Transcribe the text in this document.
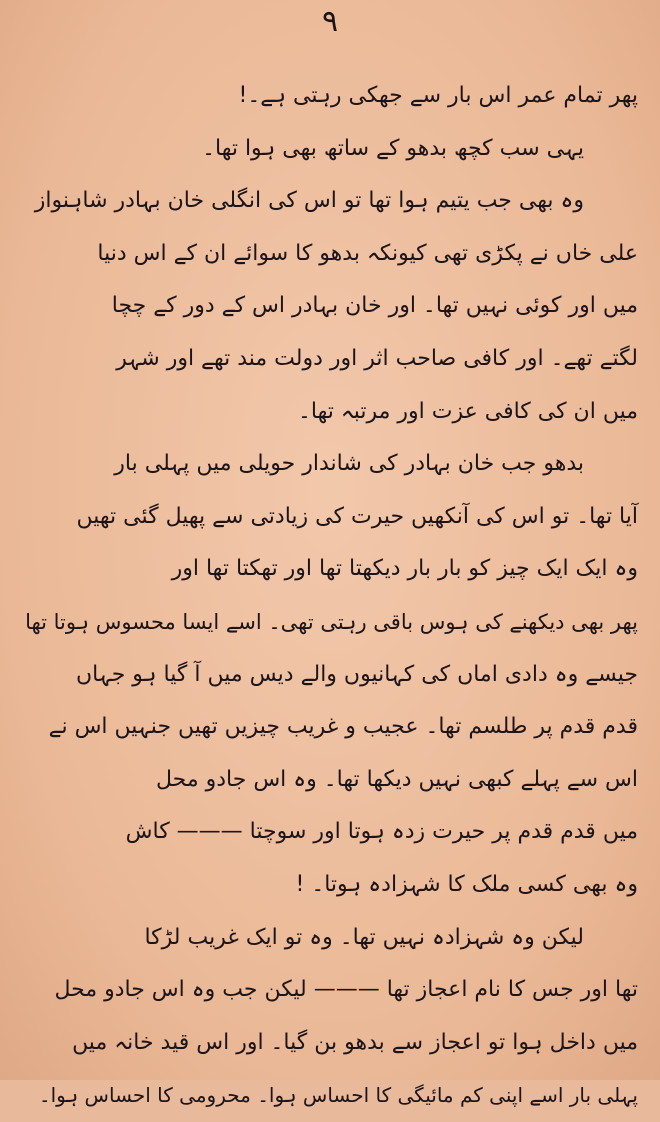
٩
پھر تمام عمر اس بار سے جھکی رہتی ہے۔!
یہی سب کچھ بدھو کے ساتھ بھی ہوا تھا۔
وہ بھی جب یتیم ہوا تھا تو اس کی انگلی خان بہادر شاہنواز
علی خاں نے پکڑی تھی کیونکہ بدھو کا سوائے ان کے اس دنیا
میں اور کوئی نہیں تھا۔ اور خان بہادر اس کے دور کے چچا
لگتے تھے۔ اور کافی صاحب اثر اور دولت مند تھے اور شہر
میں ان کی کافی عزت اور مرتبہ تھا۔
بدھو جب خان بہادر کی شاندار حویلی میں پہلی بار
آیا تھا۔ تو اس کی آنکھیں حیرت کی زیادتی سے پھیل گئی تھیں
وہ ایک ایک چیز کو بار بار دیکھتا تھا اور تھکتا تھا اور
پھر بھی دیکھنے کی ہوس باقی رہتی تھی۔ اسے ایسا محسوس ہوتا تھا
جیسے وہ دادی اماں کی کہانیوں والے دیس میں آ گیا ہو جہاں
قدم قدم پر طلسم تھا۔ عجیب و غریب چیزیں تھیں جنہیں اس نے
اس سے پہلے کبھی نہیں دیکھا تھا۔ وہ اس جادو محل
میں قدم قدم پر حیرت زدہ ہوتا اور سوچتا ——— کاش
وہ بھی کسی ملک کا شہزادہ ہوتا۔ !
لیکن وہ شہزادہ نہیں تھا۔ وہ تو ایک غریب لڑکا
تھا اور جس کا نام اعجاز تھا ——— لیکن جب وہ اس جادو محل
میں داخل ہوا تو اعجاز سے بدھو بن گیا۔ اور اس قید خانہ میں
پہلی بار اسے اپنی کم مائیگی کا احساس ہوا۔ محرومی کا احساس ہوا۔
